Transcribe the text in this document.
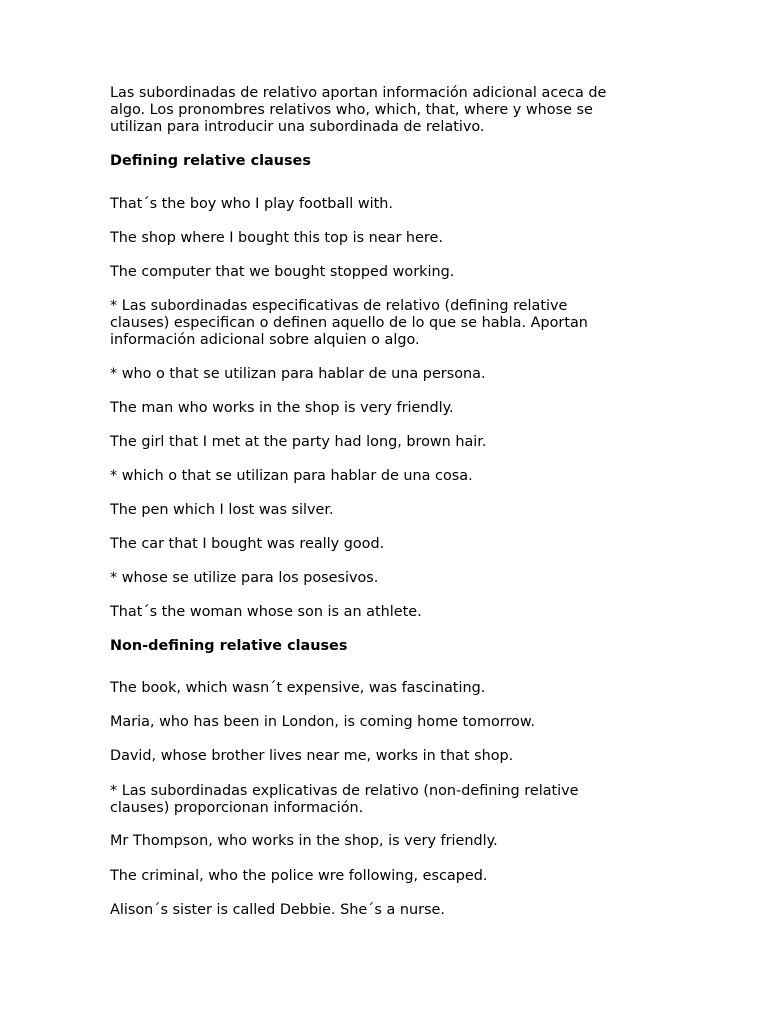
Las subordinadas de relativo aportan información adicional aceca de

algo. Los pronombres relativos who, which, that, where y whose se

utilizan para introducir una subordinada de relativo.

Defining relative clauses

That´s the boy who I play football with.

The shop where I bought this top is near here.

The computer that we bought stopped working.

* Las subordinadas especificativas de relativo (defining relative

clauses) especifican o definen aquello de lo que se habla. Aportan

información adicional sobre alquien o algo.

* who o that se utilizan para hablar de una persona.

The man who works in the shop is very friendly.

The girl that I met at the party had long, brown hair.

* which o that se utilizan para hablar de una cosa.

The pen which I lost was silver.

The car that I bought was really good.

* whose se utilize para los posesivos.

That´s the woman whose son is an athlete.

Non-defining relative clauses

The book, which wasn´t expensive, was fascinating.

Maria, who has been in London, is coming home tomorrow.

David, whose brother lives near me, works in that shop.

* Las subordinadas explicativas de relativo (non-defining relative

clauses) proporcionan información.

Mr Thompson, who works in the shop, is very friendly.

The criminal, who the police wre following, escaped.

Alison´s sister is called Debbie. She´s a nurse.
